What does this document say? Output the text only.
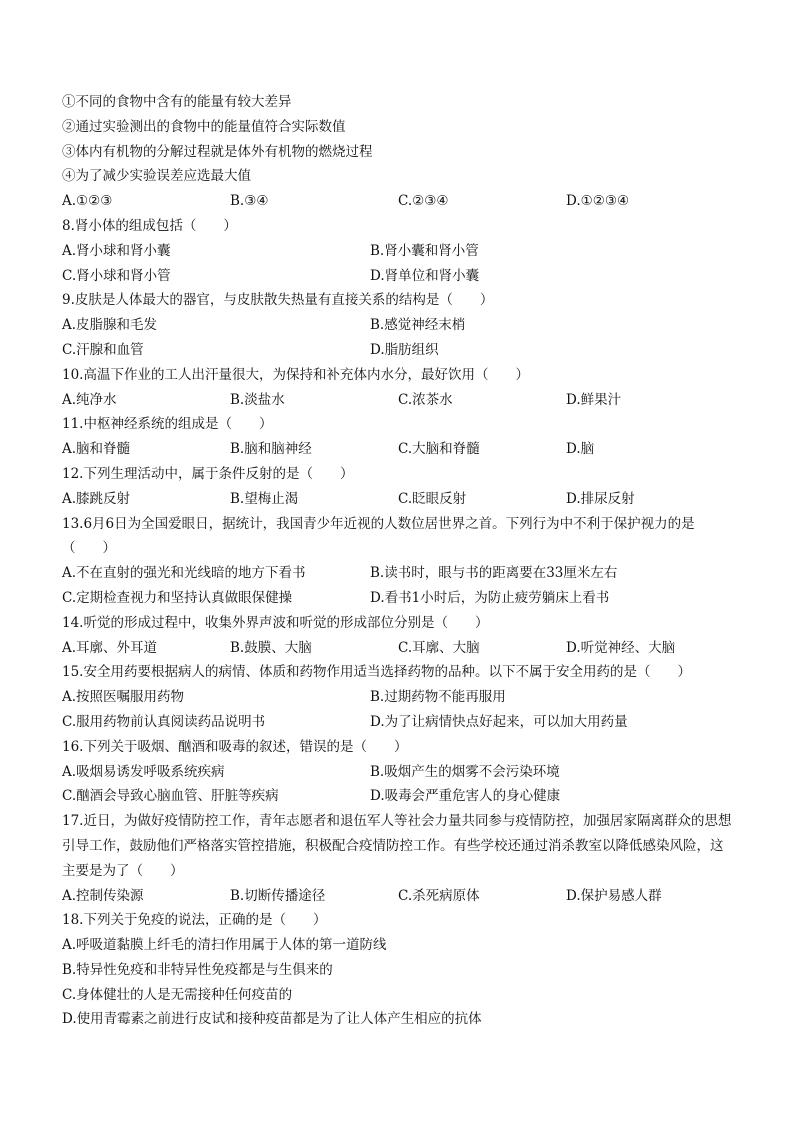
①不同的食物中含有的能量有较大差异
②通过实验测出的食物中的能量值符合实际数值
③体内有机物的分解过程就是体外有机物的燃烧过程
④为了减少实验误差应选最大值
A.①②③	B.③④	C.②③④	D.①②③④
8.肾小体的组成包括（　　）
A.肾小球和肾小囊	B.肾小囊和肾小管
C.肾小球和肾小管	D.肾单位和肾小囊
9.皮肤是人体最大的器官，与皮肤散失热量有直接关系的结构是（　　）
A.皮脂腺和毛发	B.感觉神经末梢
C.汗腺和血管	D.脂肪组织
10.高温下作业的工人出汗量很大，为保持和补充体内水分，最好饮用（　　）
A.纯净水	B.淡盐水	C.浓茶水	D.鲜果汁
11.中枢神经系统的组成是（　　）
A.脑和脊髓	B.脑和脑神经	C.大脑和脊髓	D.脑
12.下列生理活动中，属于条件反射的是（　　）
A.膝跳反射	B.望梅止渴	C.眨眼反射	D.排尿反射
13.6月6日为全国爱眼日，据统计，我国青少年近视的人数位居世界之首。下列行为中不利于保护视力的是（　　）
A.不在直射的强光和光线暗的地方下看书	B.读书时，眼与书的距离要在33厘米左右
C.定期检查视力和坚持认真做眼保健操	D.看书1小时后，为防止疲劳躺床上看书
14.听觉的形成过程中，收集外界声波和听觉的形成部位分别是（　　）
A.耳廓、外耳道	B.鼓膜、大脑	C.耳廓、大脑	D.听觉神经、大脑
15.安全用药要根据病人的病情、体质和药物作用适当选择药物的品种。以下不属于安全用药的是（　　）
A.按照医嘱服用药物	B.过期药物不能再服用
C.服用药物前认真阅读药品说明书	D.为了让病情快点好起来，可以加大用药量
16.下列关于吸烟、酗酒和吸毒的叙述，错误的是（　　）
A.吸烟易诱发呼吸系统疾病	B.吸烟产生的烟雾不会污染环境
C.酗酒会导致心脑血管、肝脏等疾病	D.吸毒会严重危害人的身心健康
17.近日，为做好疫情防控工作，青年志愿者和退伍军人等社会力量共同参与疫情防控，加强居家隔离群众的思想引导工作，鼓励他们严格落实管控措施，积极配合疫情防控工作。有些学校还通过消杀教室以降低感染风险，这主要是为了（　　）
A.控制传染源	B.切断传播途径	C.杀死病原体	D.保护易感人群
18.下列关于免疫的说法，正确的是（　　）
A.呼吸道黏膜上纤毛的清扫作用属于人体的第一道防线
B.特异性免疫和非特异性免疫都是与生俱来的
C.身体健壮的人是无需接种任何疫苗的
D.使用青霉素之前进行皮试和接种疫苗都是为了让人体产生相应的抗体
